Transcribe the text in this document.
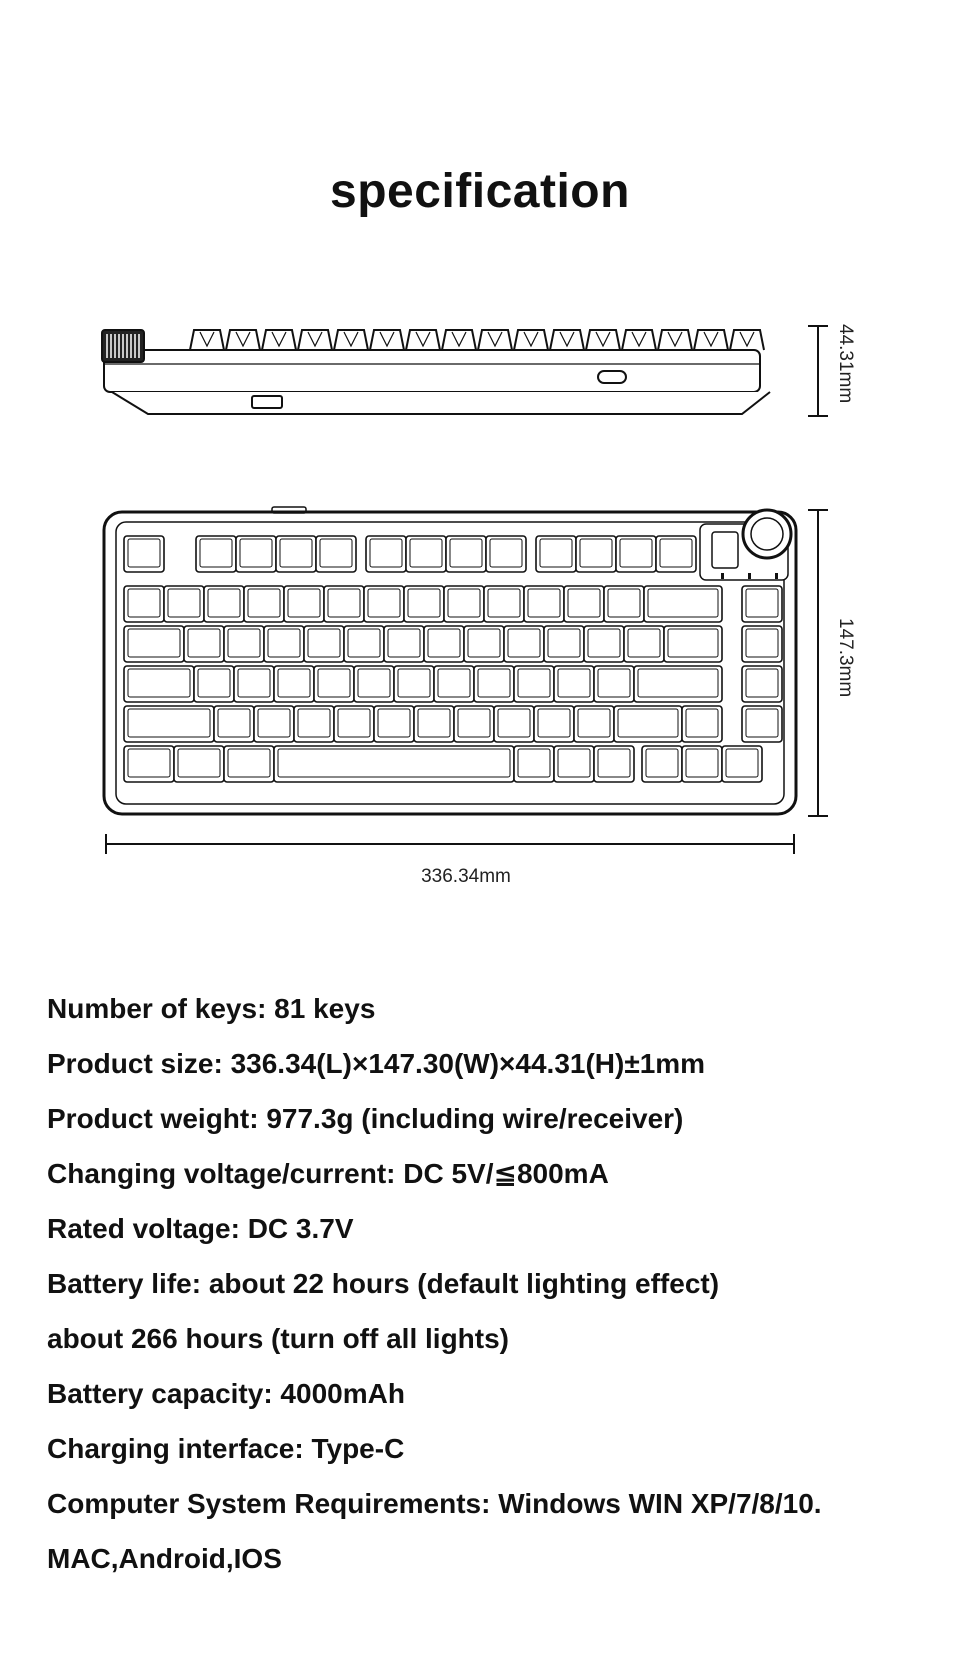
specification
44.31mm
147.3mm
336.34mm

Number of keys: 81 keys

Product size: 336.34(L)×147.30(W)×44.31(H)±1mm

Product weight: 977.3g (including wire/receiver)

Changing voltage/current: DC 5V/≦800mA

Rated voltage: DC 3.7V

Battery life: about 22 hours (default lighting effect)

about 266 hours (turn off all lights)

Battery capacity: 4000mAh

Charging interface: Type-C

Computer System Requirements: Windows WIN XP/7/8/10.

MAC,Android,IOS
